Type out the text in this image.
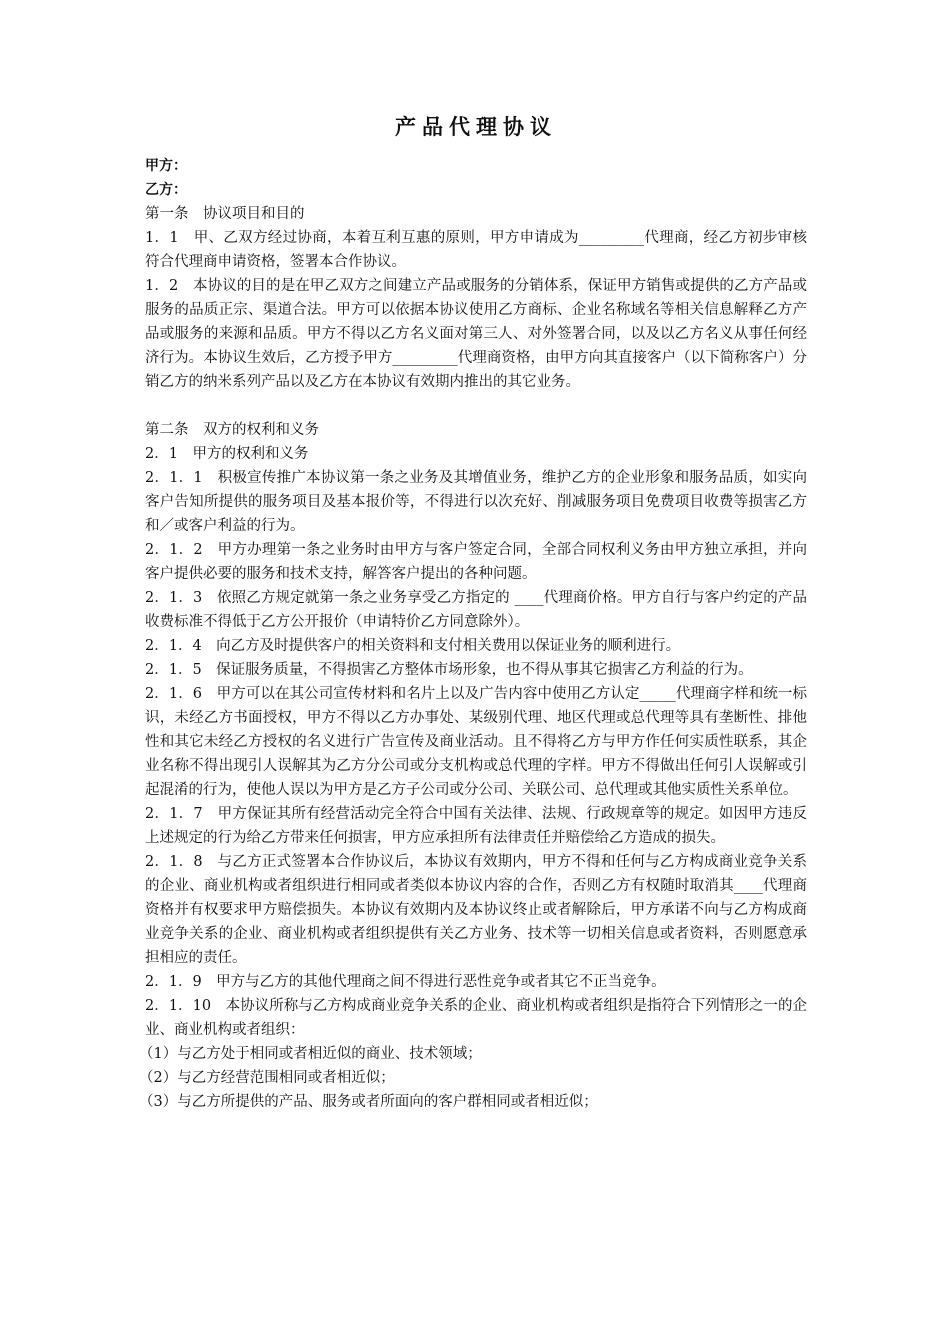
产品代理协议
甲方：
乙方：

第一条　协议项目和目的

1．1　甲、乙双方经过协商，本着互利互惠的原则，甲方申请成为_________代理商，经乙方初步审核符合代理商申请资格，签署本合作协议。

1．2　本协议的目的是在甲乙双方之间建立产品或服务的分销体系，保证甲方销售或提供的乙方产品或服务的品质正宗、渠道合法。甲方可以依据本协议使用乙方商标、企业名称域名等相关信息解释乙方产品或服务的来源和品质。甲方不得以乙方名义面对第三人、对外签署合同，以及以乙方名义从事任何经济行为。本协议生效后，乙方授予甲方_________代理商资格，由甲方向其直接客户（以下简称客户）分销乙方的纳米系列产品以及乙方在本协议有效期内推出的其它业务。

第二条　双方的权利和义务

2．1　甲方的权利和义务

2．1．1　积极宣传推广本协议第一条之业务及其增值业务，维护乙方的企业形象和服务品质，如实向客户告知所提供的服务项目及基本报价等，不得进行以次充好、削减服务项目免费项目收费等损害乙方和／或客户利益的行为。

2．1．2　甲方办理第一条之业务时由甲方与客户签定合同，全部合同权利义务由甲方独立承担，并向客户提供必要的服务和技术支持，解答客户提出的各种问题。

2．1．3　依照乙方规定就第一条之业务享受乙方指定的 ____代理商价格。甲方自行与客户约定的产品收费标准不得低于乙方公开报价（申请特价乙方同意除外）。

2．1．4　向乙方及时提供客户的相关资料和支付相关费用以保证业务的顺利进行。

2．1．5　保证服务质量，不得损害乙方整体市场形象，也不得从事其它损害乙方利益的行为。

2．1．6　甲方可以在其公司宣传材料和名片上以及广告内容中使用乙方认定_____代理商字样和统一标识，未经乙方书面授权，甲方不得以乙方办事处、某级别代理、地区代理或总代理等具有垄断性、排他性和其它未经乙方授权的名义进行广告宣传及商业活动。且不得将乙方与甲方作任何实质性联系，其企业名称不得出现引人误解其为乙方分公司或分支机构或总代理的字样。甲方不得做出任何引人误解或引起混淆的行为，使他人误以为甲方是乙方子公司或分公司、关联公司、总代理或其他实质性关系单位。

2．1．7　甲方保证其所有经营活动完全符合中国有关法律、法规、行政规章等的规定。如因甲方违反上述规定的行为给乙方带来任何损害，甲方应承担所有法律责任并赔偿给乙方造成的损失。

2．1．8　与乙方正式签署本合作协议后，本协议有效期内，甲方不得和任何与乙方构成商业竞争关系的企业、商业机构或者组织进行相同或者类似本协议内容的合作，否则乙方有权随时取消其____代理商资格并有权要求甲方赔偿损失。本协议有效期内及本协议终止或者解除后，甲方承诺不向与乙方构成商业竞争关系的企业、商业机构或者组织提供有关乙方业务、技术等一切相关信息或者资料，否则愿意承担相应的责任。

2．1．9　甲方与乙方的其他代理商之间不得进行恶性竞争或者其它不正当竞争。

2．1．10　本协议所称与乙方构成商业竞争关系的企业、商业机构或者组织是指符合下列情形之一的企业、商业机构或者组织：

（1）与乙方处于相同或者相近似的商业、技术领域；

（2）与乙方经营范围相同或者相近似；

（3）与乙方所提供的产品、服务或者所面向的客户群相同或者相近似；
